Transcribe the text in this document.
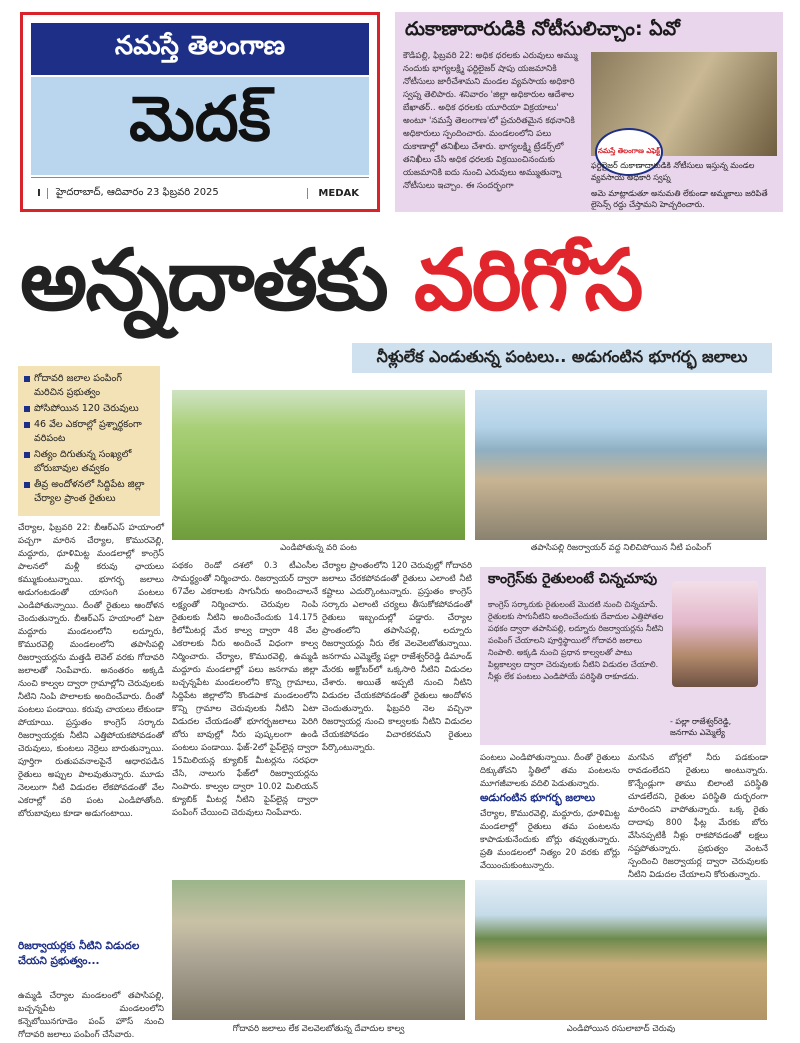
నమస్తే తెలంగాణ
మెదక్
I	హైదరాబాద్, ఆదివారం 23 ఫిబ్రవరి 2025	MEDAK
దుకాణాదారుడికి నోటీసులిచ్చాం: ఏవో
కౌడిపల్లి, ఫిబ్రవరి 22: అధిక ధరలకు ఎరువులు అమ్ము నందుకు భాగ్యలక్ష్మి ఫర్టిలైజర్ షాపు యజమానికి నోటీసులు జారీచేశామని మండల వ్యవసాయ అధికారి స్వప్న తెలిపారు. శనివారం 'జిల్లా అధికారుల ఆదేశాల బేఖాతర్.. అధిక ధరలకు యూరియా విక్రయాలు' అంటూ 'నమస్తే తెలంగాణ'లో ప్రచురితమైన కథనానికి అధికారులు స్పందించారు. మండలంలోని పలు దుకాణాల్లో తనిఖీలు చేశారు. భాగ్యలక్ష్మి ట్రేడర్స్‌లో తనిఖీలు చేసి అధిక ధరలకు విక్రయించినందుకు యజమానికి ఐదు నుంచి ఎరువులు అమ్ముతున్నా నోటీసులు ఇచ్చాం. ఈ సందర్భంగా
నమస్తే తెలంగాణ ఎఫెక్ట్
ఫర్టిలైజర్ దుకాణాదారుడికి నోటీసులు ఇస్తున్న మండల వ్యవసాయ అధికారి స్వప్న
అమె మాట్లాడుతూ అనుమతి లేకుండా అమ్మకాలు జరిపితే లైసెన్స్ రద్దు చేస్తామని హెచ్చరించారు.
అన్నదాతకు వరిగోస
నీళ్లులేక ఎండుతున్న పంటలు.. అడుగంటిన భూగర్భ జలాలు
గోదావరి జలాల పంపింగ్ మరిచిన ప్రభుత్వం
పోసిపోయిన 120 చెరువులు
46 వేల ఎకరాల్లో ప్రశ్నార్థకంగా వరిపంట
నిత్యం దిగుతున్న సంఖ్యలో బోరుబావుల తవ్వకం
తీవ్ర అందోళనలో సిద్దిపేట జిల్లా చేర్యాల ప్రాంత రైతులు
ఎండిపోతున్న వరి పంట	తపాసిపల్లి రిజర్వాయర్ వద్ద నిలిచిపోయిన నీటి పంపింగ్
చేర్యాల, ఫిబ్రవరి 22: బీఆర్ఎస్ హయాంలో పచ్చగా మారిన చేర్యాల, కొమురవెల్లి, మద్దూరు, ధూళిమిట్ట మండలాల్లో కాంగ్రెస్ పాలనలో మళ్లీ కరువు ఛాయలు కమ్ముకుంటున్నాయి. భూగర్భ జలాలు అడుగంటడంతో యాసంగి పంటలు ఎండిపోతున్నాయి. దీంతో రైతులు ఆందోళన చెందుతున్నారు. బీఆర్ఎస్ హయాంలో ఏటా మద్దూరు మండలంలోని లద్నూరు, కొమురవెల్లి మండలంలోని తపాసిపల్లి రిజర్వాయర్లను మత్తడి లెవెల్ వరకు గోదావరి జలాలతో నింపేవారు. అనంతరం అక్కడి నుంచి కాల్వల ద్వారా గ్రామాల్లోని చెరువులకు నీటిని నింపి పొలాలకు అందించేవారు. దీంతో పంటలు పండాయి. కరువు చాయలు లేకుండా పోయాయి. ప్రస్తుతం కాంగ్రెస్ సర్కారు రిజర్వాయర్లకు నీటిని ఎత్తిపోయకపోవడంతో చెరువులు, కుంటలు నెర్రెలు బారుతున్నాయి. పూర్తిగా రుతుపవనాలపైనే ఆధారపడిన రైతులు అప్పుల పాలవుతున్నారు. మూడు నెలలుగా నీటి విడుదల లేకపోవడంతో వేల ఎకరాల్లో వరి పంట ఎండిపోతోంది. బోరుబావులు కూడా అడుగంటాయి.
రిజర్వాయర్లకు నీటిని విడుదల చేయని ప్రభుత్వం...
ఉమ్మడి చేర్యాల మండలంలో తపాసిపల్లి, బచ్చన్నపేట మండలంలోని కన్నెబోయినగూడెం పంప్ హౌస్ నుంచి గోదావరి జలాలు పంపింగ్ చేసేవారు.
పథకం రెండో దశలో 0.3 టీఎంసీల సామర్థ్యంతో నిర్మించారు. రిజర్వాయర్ ద్వారా 67వేల ఎకరాలకు సాగునీరు అందించాలనే లక్ష్యంతో నిర్మించారు. చెరువుల నింపి రైతులకు నీటిని అందించేందుకు 14.175 కిలోమీటర్ల మేర కాల్వ ద్వారా 48 వేల ఎకరాలకు నీరు అందించే విధంగా కాల్వ నిర్మించారు. చేర్యాల, కొమురవెల్లి, ఉమ్మడి మద్దూరు మండలాల్లో పలు జనగామ జిల్లా బచ్చన్నపేట మండలంలోని కొన్ని గ్రామాలు, సిద్దిపేట జిల్లాలోని కొండపాక మండలంలోని కొన్ని గ్రామాల చెరువులకు నీటిని ఏటా విడుదల చేయడంతో భూగర్భజలాలు పెరిగి బోరు బావుల్లో నీరు పుష్కలంగా ఉండి పంటలు పండాయి. ఫేజ్-2లో పైప్‌లైన్ల ద్వారా 15మిలియన్ల క్యూబిక్ మీటర్లను సరఫరా చేసి, నాలుగు ఫేజ్‌లో రిజర్వాయర్లను నింపారు. కాల్వల ద్వారా 10.02 మిలియన్ క్యూబిక్ మీటర్ల నీటిని పైప్‌లైన్ల ద్వారా పంపింగ్ చేయించి చెరువులు నింపేవారు.
చేర్యాల ప్రాంతంలోని 120 చెరువుల్లో గోదావరి జలాలు చేరకపోవడంతో రైతులు ఎలాంటి నీటి కష్టాలు ఎదుర్కొంటున్నారు. ప్రస్తుతం కాంగ్రెస్ సర్కారు ఎలాంటి చర్యలు తీసుకోకపోవడంతో రైతులు ఇబ్బందుల్లో పడ్డారు. చేర్యాల ప్రాంతంలోని తపాసిపల్లి, లద్నూరు రిజర్వాయర్లు నీరు లేక వెలవెలబోతున్నాయి. జనగామ ఎమ్మెల్యే పల్లా రాజేశ్వర్‌రెడ్డి డిమాండ్ మేరకు అక్టోబర్‌లో ఒక్కసారి నీటిని విడుదల చేశారు. అయితే అప్పటి నుంచి నీటిని విడుదల చేయకపోవడంతో రైతులు ఆందోళన చెందుతున్నారు. ఫిబ్రవరి నెల వచ్చినా రిజర్వాయర్ల నుంచి కాల్వలకు నీటిని విడుదల చేయకపోవడం విచారకరమని రైతులు పేర్కొంటున్నారు.
కాంగ్రెస్‌కు రైతులంటే చిన్నచూపు
కాంగ్రెస్ సర్కారుకు రైతులంటే మొదటి నుంచి చిన్నచూపే. రైతులకు సాగునీటిని అందించేందుకు దేవాదుల ఎత్తిపోతల పథకం ద్వారా తపాసిపల్లి, లద్నూరు రిజర్వాయర్లను నీటిని పంపింగ్ చేయాలని పూర్తిస్థాయిలో గోదావరి జలాలు నింపాలి. అక్కడి నుంచి ప్రధాన కాల్వలతో పాటు పిల్లకాల్వల ద్వారా చెరువులకు నీటిని విడుదల చేయాలి. నీళ్లు లేక పంటలు ఎండిపోయే పరిస్థితి రాకూడదు.
- పల్లా రాజేశ్వర్‌రెడ్డి, జనగామ ఎమ్మెల్యే
పంటలు ఎండిపోతున్నాయి. దీంతో రైతులు దిక్కుతోచని స్థితిలో తమ పంటలను మూగజీవాలకు వదిలి పెడుతున్నారు.
అడుగంటిన భూగర్భ జలాలు
చేర్యాల, కొమురవెల్లి, మద్దూరు, ధూళిమిట్ట మండలాల్లో రైతులు తమ పంటలను కాపాడుకునేందుకు బోర్లు తవ్వుతున్నారు. ప్రతి మండలంలో నిత్యం 20 వరకు బోర్లు వేయించుకుంటున్నారు.
మగపిన బోర్లలో నీరు పడకుండా రావడంలేదని రైతులు అంటున్నారు. కొన్నేండ్లుగా తాము బిలాంటి పరిస్థితి చూడలేదని, రైతుల పరిస్థితి దుర్భరంగా మారిందని వాపోతున్నారు. ఒక్క రైతు దాదాపు 800 ఫీట్ల మేరకు బోరు వేసినప్పటికీ నీళ్లు రాకపోవడంతో లక్షలు నష్టపోతున్నారు. ప్రభుత్వం వెంటనే స్పందించి రిజర్వాయర్ల ద్వారా చెరువులకు నీటిని విడుదల చేయాలని కోరుతున్నారు.
గోదావరి జలాలు లేక వెలవెలబోతున్న దేవాదుల కాల్వ	ఎండిపోయిన రసులాబాద్ చెరువు
